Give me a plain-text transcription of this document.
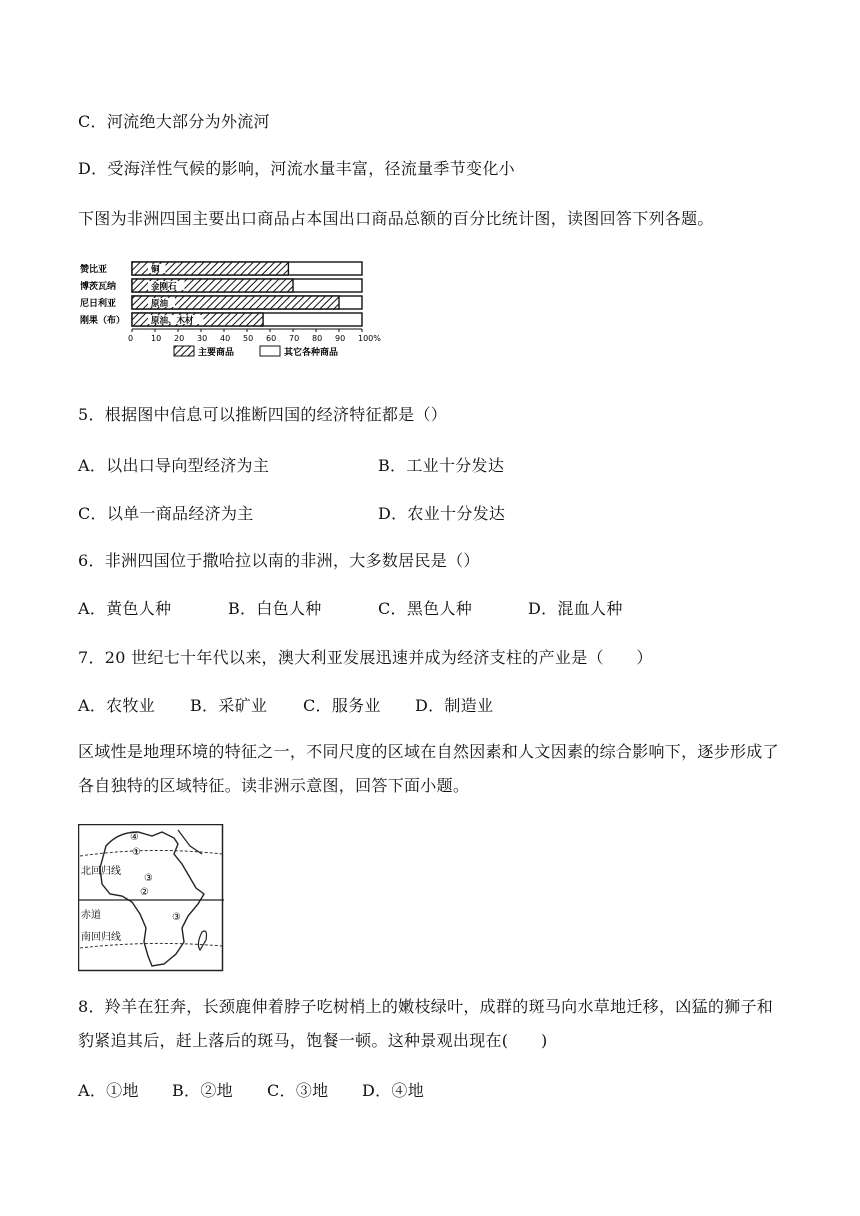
C．河流绝大部分为外流河
D．受海洋性气候的影响，河流水量丰富，径流量季节变化小
下图为非洲四国主要出口商品占本国出口商品总额的百分比统计图，读图回答下列各题。
赞比亚	铜
博茨瓦纳	金刚石
尼日利亚	原油
刚果（布）	原油、木材
0 10 20 30 40 50 60 70 80 90 100%
主要商品	其它各种商品
5．根据图中信息可以推断四国的经济特征都是（）
A．以出口导向型经济为主	B．工业十分发达
C．以单一商品经济为主	D．农业十分发达
6．非洲四国位于撒哈拉以南的非洲，大多数居民是（）
A．黄色人种	B．白色人种	C．黑色人种	D．混血人种
7．20 世纪七十年代以来，澳大利亚发展迅速并成为经济支柱的产业是（　　）
A．农牧业 B．采矿业 C．服务业 D．制造业
区域性是地理环境的特征之一，不同尺度的区域在自然因素和人文因素的综合影响下，逐步形成了各自独特的区域特征。读非洲示意图，回答下面小题。
北回归线
赤道
南回归线
④
①
③
②
③
8．羚羊在狂奔，长颈鹿伸着脖子吃树梢上的嫩枝绿叶，成群的斑马向水草地迁移，凶猛的狮子和豹紧追其后，赶上落后的斑马，饱餐一顿。这种景观出现在(　　)
A．①地 B．②地 C．③地 D．④地
